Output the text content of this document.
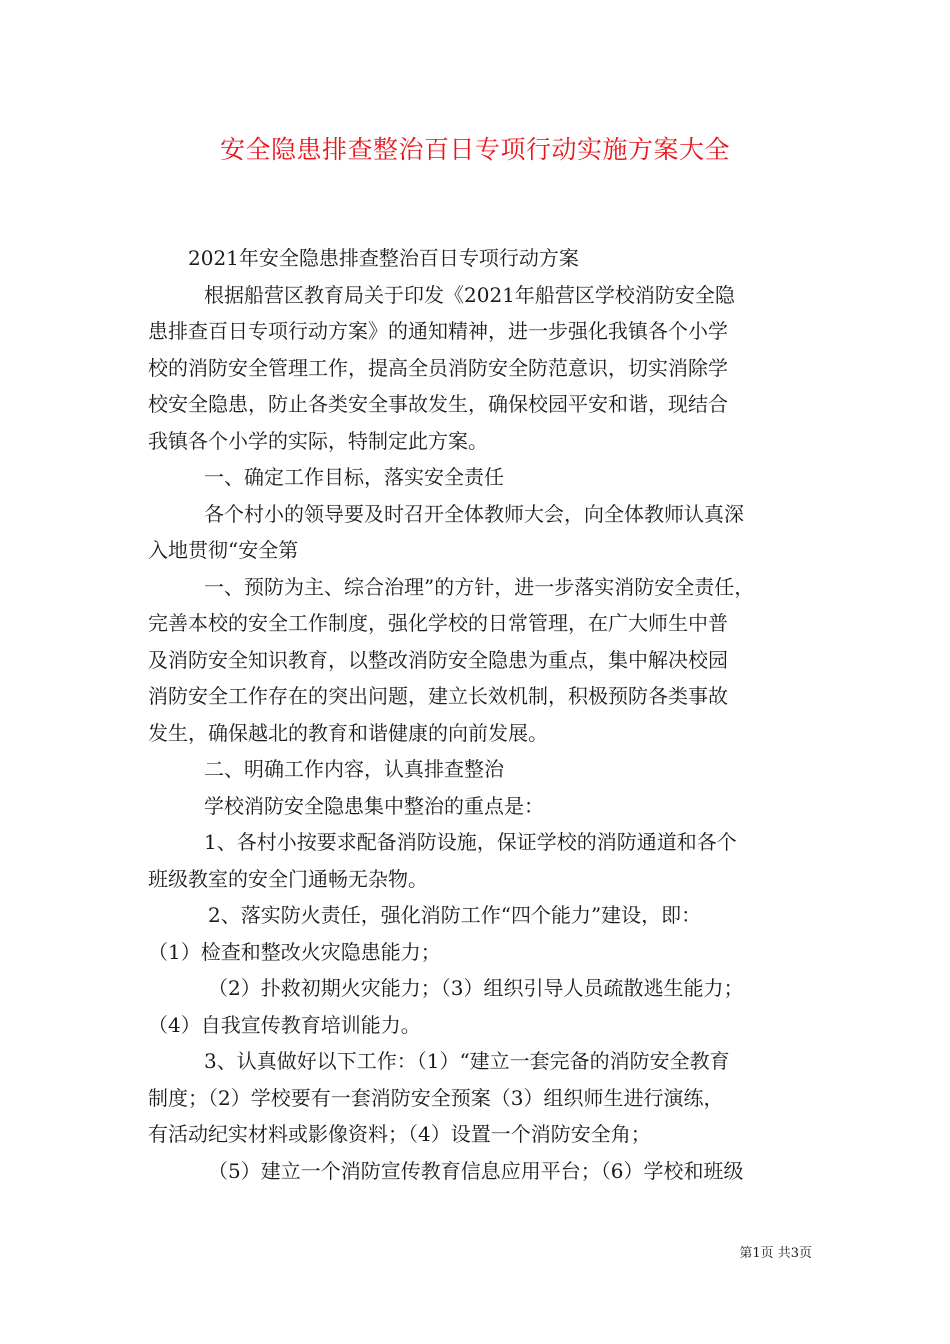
安全隐患排查整治百日专项行动实施方案大全
2021年安全隐患排查整治百日专项行动方案
根据船营区教育局关于印发《2021年船营区学校消防安全隐
患排查百日专项行动方案》的通知精神，进一步强化我镇各个小学
校的消防安全管理工作，提高全员消防安全防范意识，切实消除学
校安全隐患，防止各类安全事故发生，确保校园平安和谐，现结合
我镇各个小学的实际，特制定此方案。
一、确定工作目标，落实安全责任
各个村小的领导要及时召开全体教师大会，向全体教师认真深
入地贯彻“安全第
一、预防为主、综合治理”的方针，进一步落实消防安全责任，
完善本校的安全工作制度，强化学校的日常管理，在广大师生中普
及消防安全知识教育，以整改消防安全隐患为重点，集中解决校园
消防安全工作存在的突出问题，建立长效机制，积极预防各类事故
发生，确保越北的教育和谐健康的向前发展。
二、明确工作内容，认真排查整治
学校消防安全隐患集中整治的重点是：
1、各村小按要求配备消防设施，保证学校的消防通道和各个
班级教室的安全门通畅无杂物。
2、落实防火责任，强化消防工作“四个能力”建设，即：
（1）检查和整改火灾隐患能力；
（2）扑救初期火灾能力；（3）组织引导人员疏散逃生能力；
（4）自我宣传教育培训能力。
3、认真做好以下工作：（1）“建立一套完备的消防安全教育
制度；（2）学校要有一套消防安全预案（3）组织师生进行演练，
有活动纪实材料或影像资料；（4）设置一个消防安全角；
（5）建立一个消防宣传教育信息应用平台；（6）学校和班级
第1页 共3页
